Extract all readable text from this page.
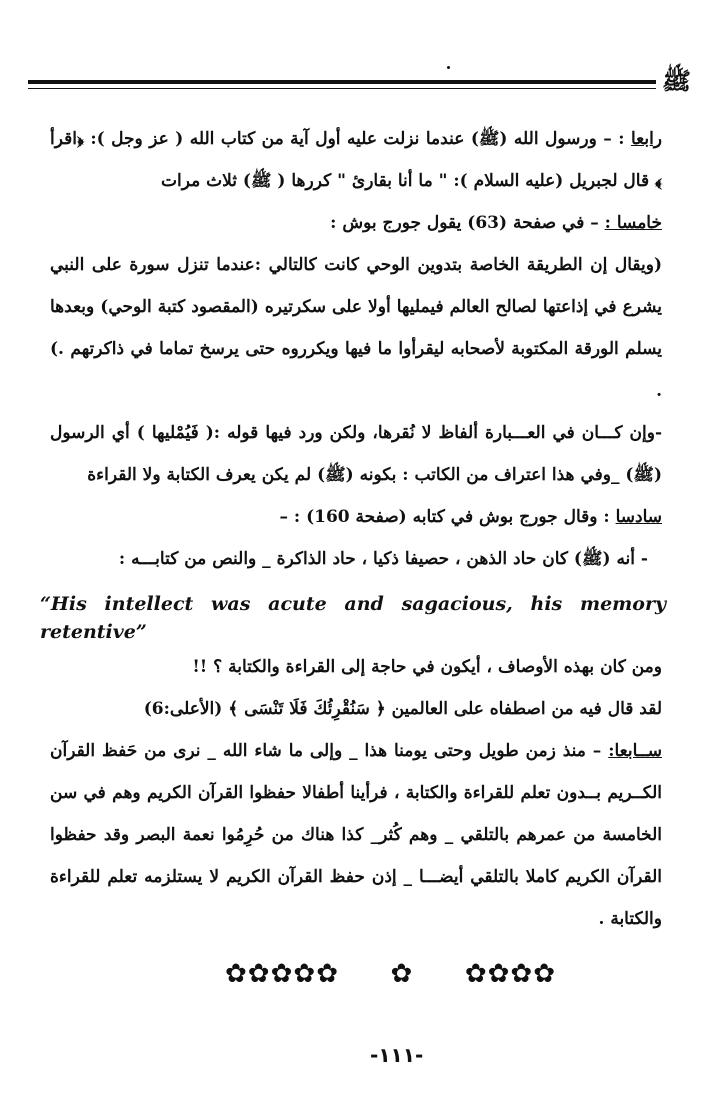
ﷺ

رابعا : – ورسول الله (ﷺ) عندما نزلت عليه أول آية من كتاب الله ( عز وجل ): ﴿اقرأ ﴾ قال لجبريل (عليه السلام ): " ما أنا بقارئ " كررها ( ﷺ) ثلاث مرات

خامسا : – في صفحة (63) يقول جورج بوش :

(ويقال إن الطريقة الخاصة بتدوين الوحي كانت كالتالي :عندما تنزل سورة على النبي يشرع في إذاعتها لصالح العالم فيمليها أولا على سكرتيره (المقصود كتبة الوحي) وبعدها يسلم الورقة المكتوبة لأصحابه ليقرأوا ما فيها ويكرروه حتى يرسخ تماما في ذاكرتهم .) .

-وإن كـــان في العـــبارة ألفاظ لا نُقرها، ولكن ورد فيها قوله :( فَيُمْليها ) أي الرسول (ﷺ) _وفي هذا اعتراف من الكاتب : بكونه (ﷺ) لم يكن يعرف الكتابة ولا القراءة

سادسا : وقال جورج بوش في كتابه (صفحة 160) : –

- أنه (ﷺ) كان حاد الذهن ، حصيفا ذكيا ، حاد الذاكرة _ والنص من كتابـــه :

“His intellect was acute and sagacious, his memory
retentive”

ومن كان بهذه الأوصاف ، أيكون في حاجة إلى القراءة والكتابة ؟ !!

لقد قال فيه من اصطفاه على العالمين ﴿ سَنُقْرِئُكَ فَلَا تَنْسَى ﴾ (الأعلى:6)

ســابعا: – منذ زمن طويل وحتى يومنا هذا _ وإلى ما شاء الله _ نرى من حَفظ القرآن الكــريم بــدون تعلم للقراءة والكتابة ، فرأينا أطفالا حفظوا القرآن الكريم وهم في سن الخامسة من عمرهم بالتلقي _ وهم كُثر_ كذا هناك من حُرِمُوا نعمة البصر وقد حفظوا القرآن الكريم كاملا بالتلقي أيضـــا _ إذن حفظ القرآن الكريم لا يستلزمه تعلم للقراءة والكتابة .

✿ ✿ ✿ ✿ ✿ ✿ ✿ ✿ ✿ ✿
-١١١-
